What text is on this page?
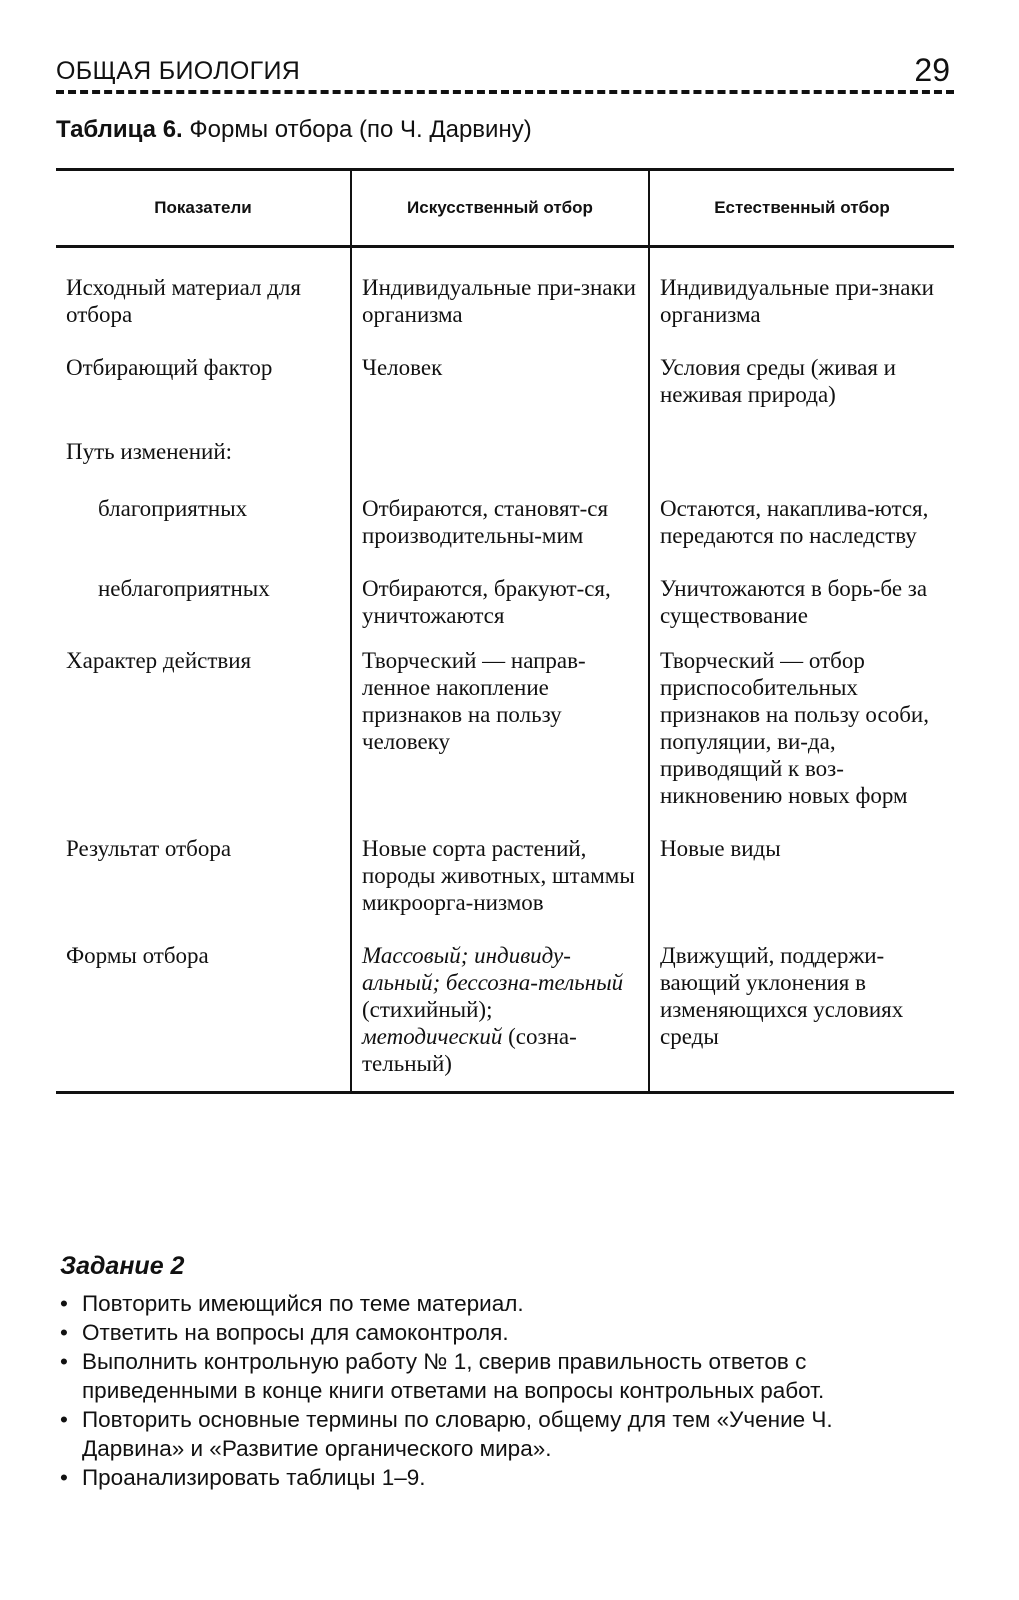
ОБЩАЯ БИОЛОГИЯ	29
Таблица 6. Формы отбора (по Ч. Дарвину)
Показатели	Искусственный отбор	Естественный отбор
Исходный материал для отбора	Индивидуальные при-знаки организма	Индивидуальные при-знаки организма
Отбирающий фактор	Человек	Условия среды (живая и неживая природа)
Путь изменений:		
благоприятных	Отбираются, становят-ся производительны-мим	Остаются, накаплива-ются, передаются по наследству
неблагоприятных	Отбираются, бракуют-ся, уничтожаются	Уничтожаются в борь-бе за существование
Характер действия	Творческий — направ-ленное накопление признаков на пользу человеку	Творческий — отбор приспособительных признаков на пользу особи, популяции, ви-да, приводящий к воз-никновению новых форм
Результат отбора	Новые сорта растений, породы животных, штаммы микроорга-низмов	Новые виды
Формы отбора	Массовый; индивиду-альный; бессозна-тельный (стихийный); методический (созна-тельный)	Движущий, поддержи-вающий уклонения в изменяющихся условиях среды
Задание 2
• Повторить имеющийся по теме материал.
• Ответить на вопросы для самоконтроля.
• Выполнить контрольную работу № 1, сверив правильность ответов с приведенными в конце книги ответами на вопросы контрольных работ.
• Повторить основные термины по словарю, общему для тем «Учение Ч. Дарвина» и «Развитие органического мира».
• Проанализировать таблицы 1–9.
